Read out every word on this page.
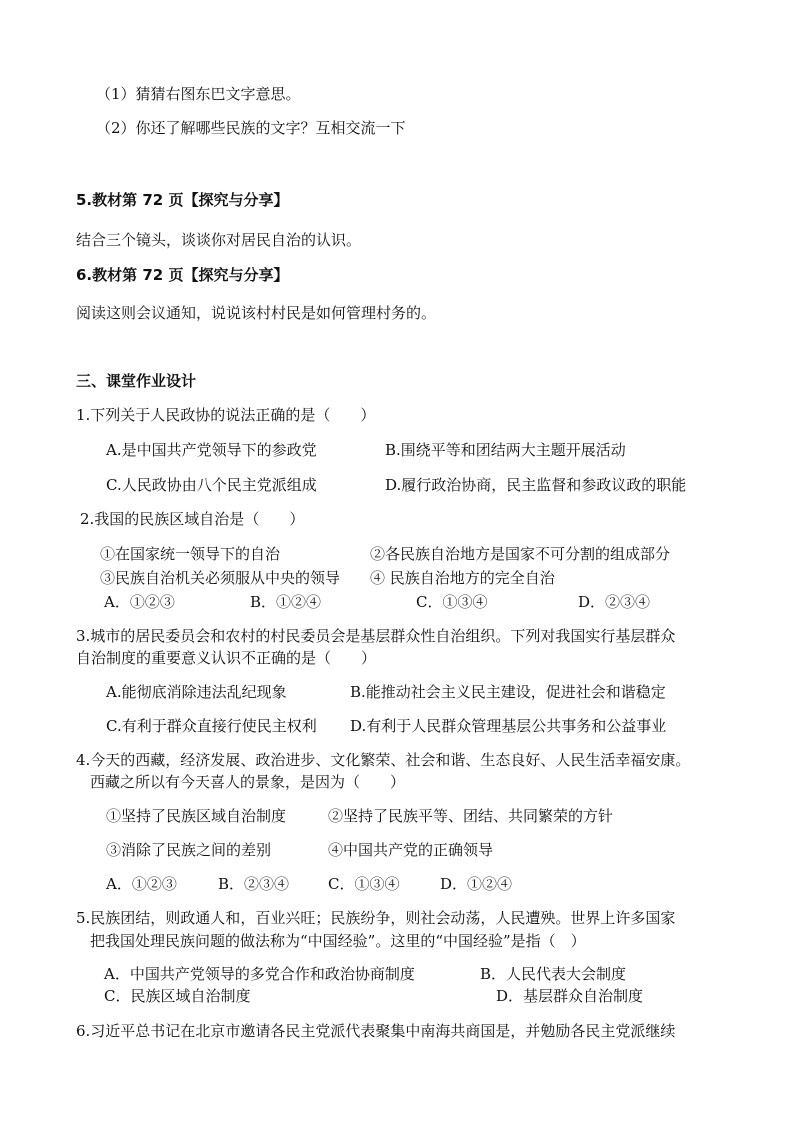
（1）猜猜右图东巴文字意思。
（2）你还了解哪些民族的文字？互相交流一下
5.教材第 72 页【探究与分享】
结合三个镜头，谈谈你对居民自治的认识。
6.教材第 72 页【探究与分享】
阅读这则会议通知，说说该村村民是如何管理村务的。
三、课堂作业设计
1.下列关于人民政协的说法正确的是（　　）
A.是中国共产党领导下的参政党	B.围绕平等和团结两大主题开展活动
C.人民政协由八个民主党派组成	D.履行政治协商，民主监督和参政议政的职能
2.我国的民族区域自治是（　　）
①在国家统一领导下的自治	②各民族自治地方是国家不可分割的组成部分
③民族自治机关必须服从中央的领导 ④ 民族自治地方的完全自治
A．①②③	B．①②④	C．①③④	D．②③④
3.城市的居民委员会和农村的村民委员会是基层群众性自治组织。下列对我国实行基层群众
自治制度的重要意义认识不正确的是（　　）
A.能彻底消除违法乱纪现象	B.能推动社会主义民主建设，促进社会和谐稳定
C.有利于群众直接行使民主权利 D.有利于人民群众管理基层公共事务和公益事业
4.今天的西藏，经济发展、政治进步、文化繁荣、社会和谐、生态良好、人民生活幸福安康。
西藏之所以有今天喜人的景象，是因为（　　）
①坚持了民族区域自治制度	②坚持了民族平等、团结、共同繁荣的方针
③消除了民族之间的差别	④中国共产党的正确领导
A．①②③	B．②③④	C．①③④	D．①②④
5.民族团结，则政通人和，百业兴旺；民族纷争，则社会动荡，人民遭殃。世界上许多国家
把我国处理民族问题的做法称为“中国经验”。这里的“中国经验”是指（　）
A．中国共产党领导的多党合作和政治协商制度	B．人民代表大会制度
C．民族区域自治制度	D．基层群众自治制度
6.习近平总书记在北京市邀请各民主党派代表聚集中南海共商国是，并勉励各民主党派继续
